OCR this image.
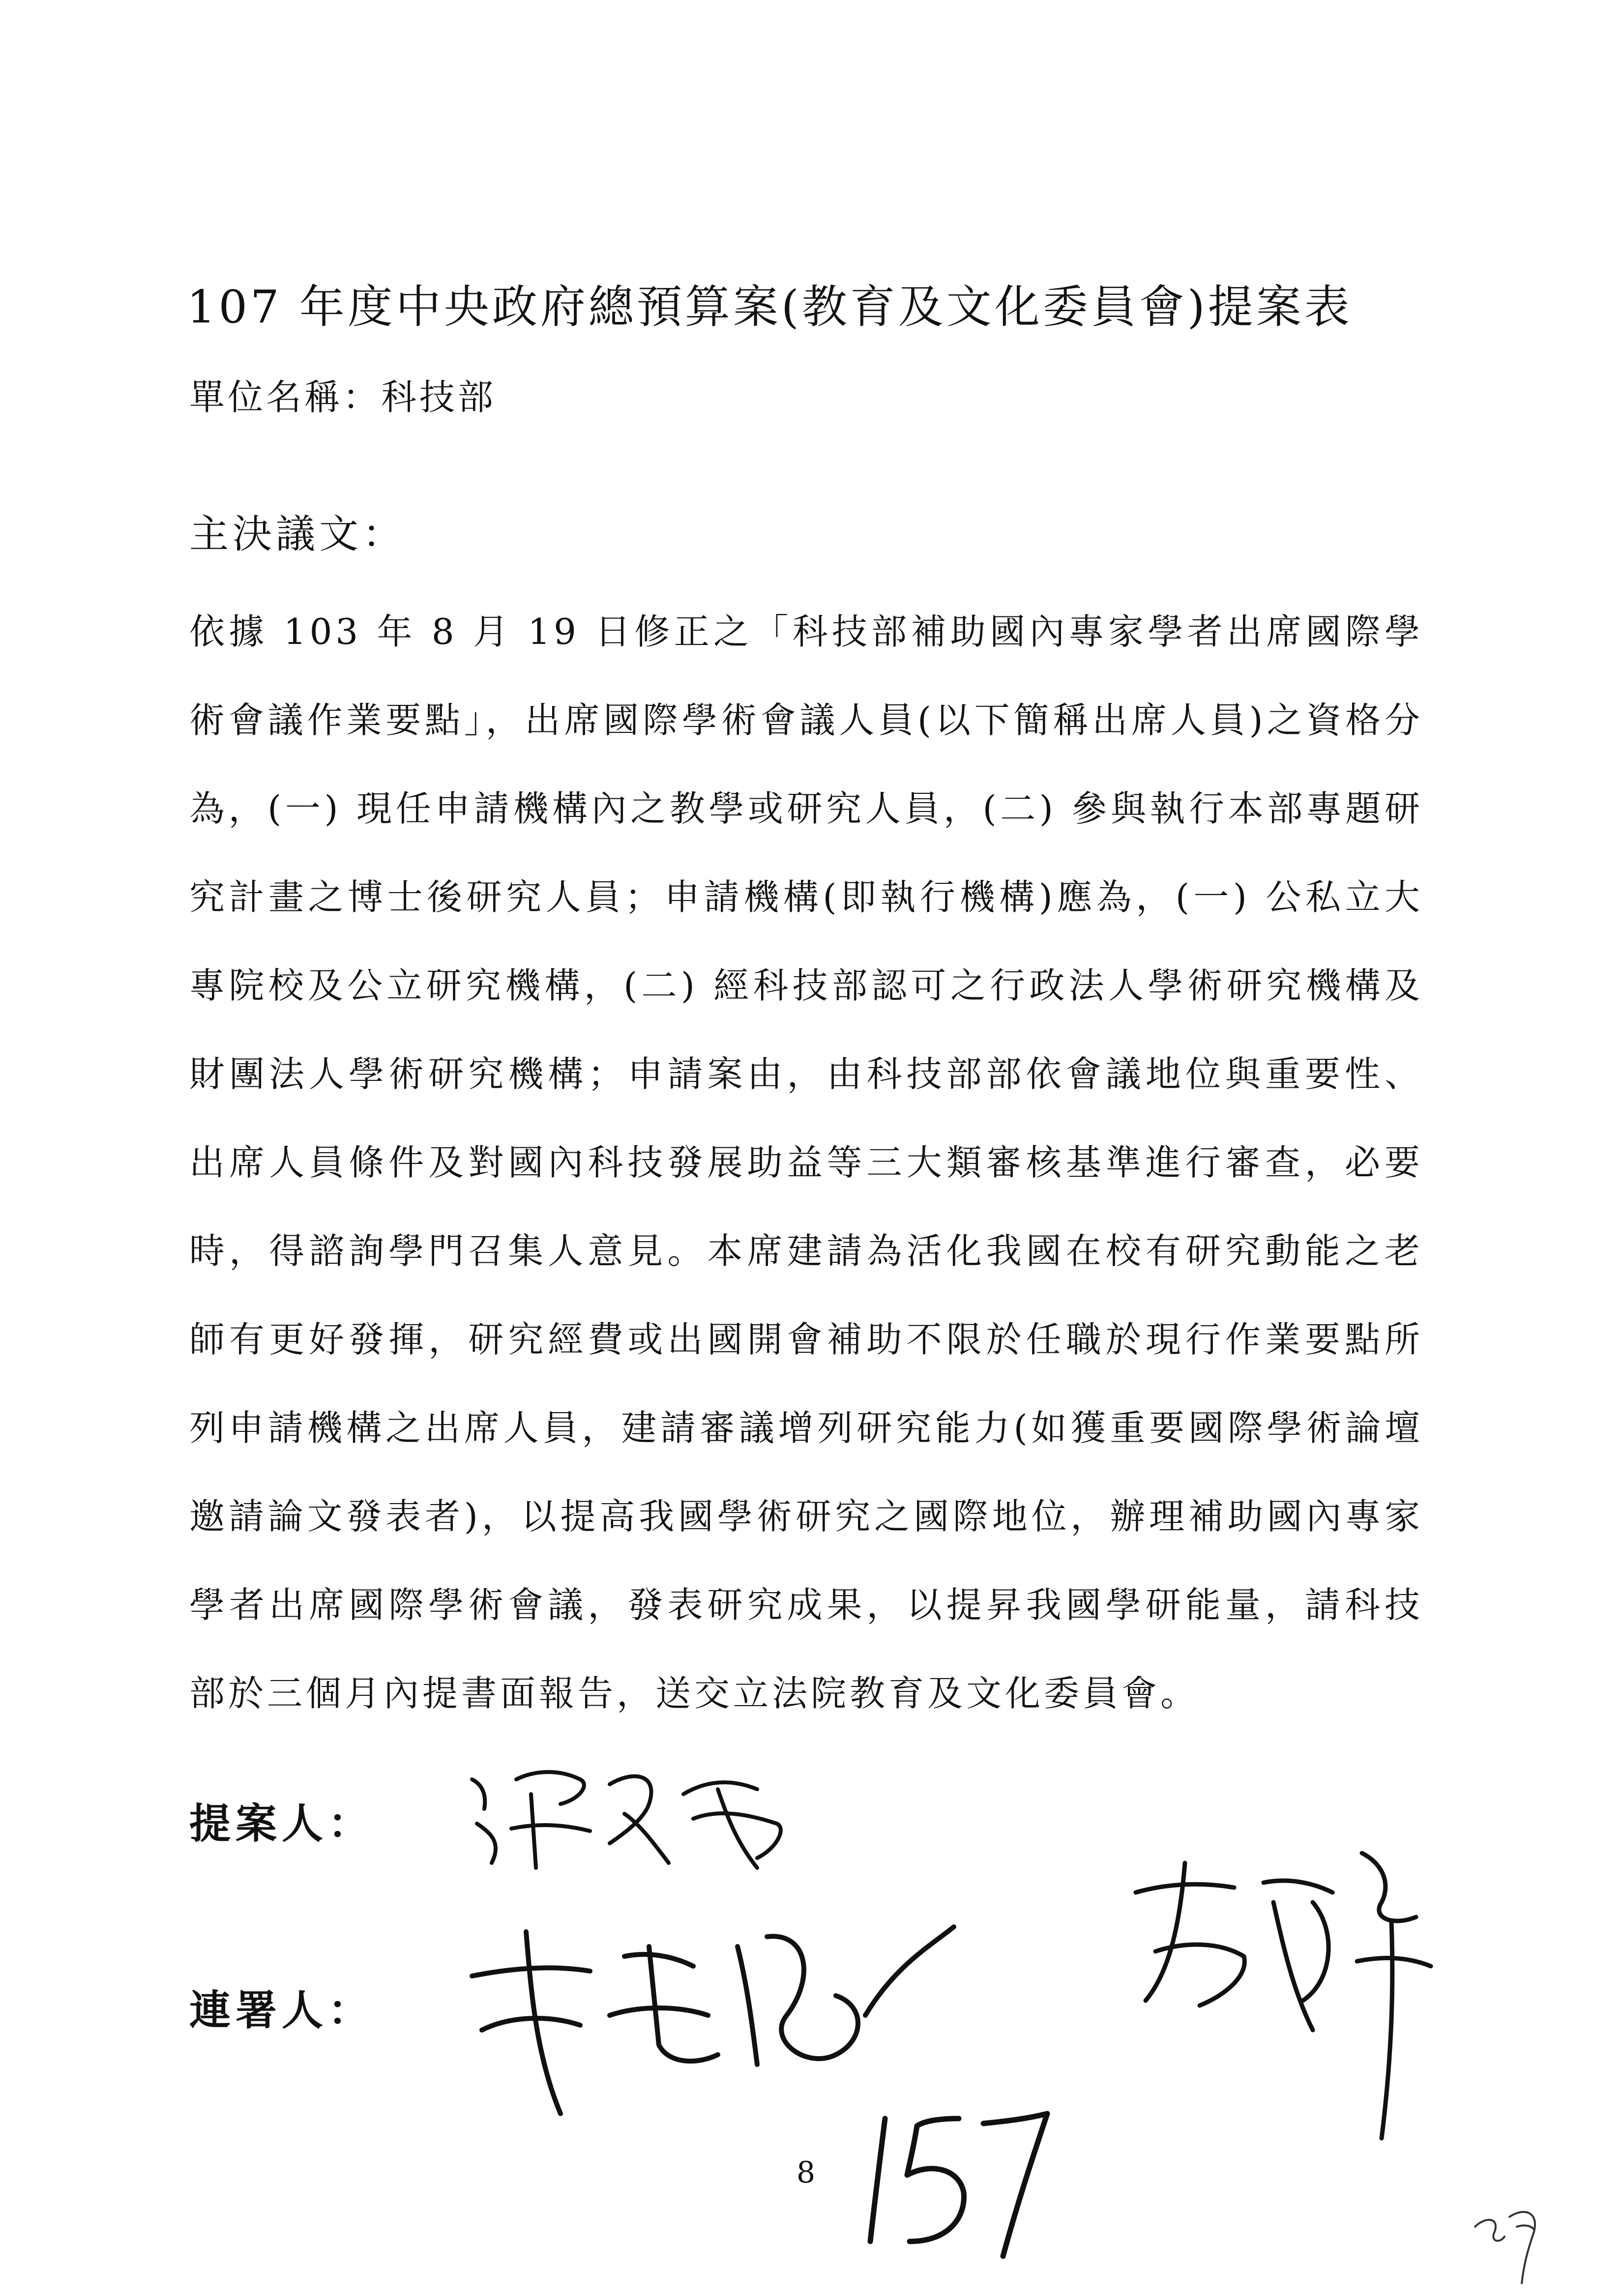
107 年度中央政府總預算案(教育及文化委員會)提案表
單位名稱：科技部
主決議文：
依據 103 年 8 月 19 日修正之「科技部補助國內專家學者出席國際學術會議作業要點」，出席國際學術會議人員(以下簡稱出席人員)之資格分為，(一) 現任申請機構內之教學或研究人員，(二) 參與執行本部專題研究計畫之博士後研究人員；申請機構(即執行機構)應為，(一) 公私立大專院校及公立研究機構，(二) 經科技部認可之行政法人學術研究機構及財團法人學術研究機構；申請案由，由科技部部依會議地位與重要性、出席人員條件及對國內科技發展助益等三大類審核基準進行審查，必要時，得諮詢學門召集人意見。本席建請為活化我國在校有研究動能之老師有更好發揮，研究經費或出國開會補助不限於任職於現行作業要點所列申請機構之出席人員，建請審議增列研究能力(如獲重要國際學術論壇邀請論文發表者)，以提高我國學術研究之國際地位，辦理補助國內專家學者出席國際學術會議，發表研究成果，以提昇我國學研能量，請科技部於三個月內提書面報告，送交立法院教育及文化委員會。
提案人：
連署人：
8
